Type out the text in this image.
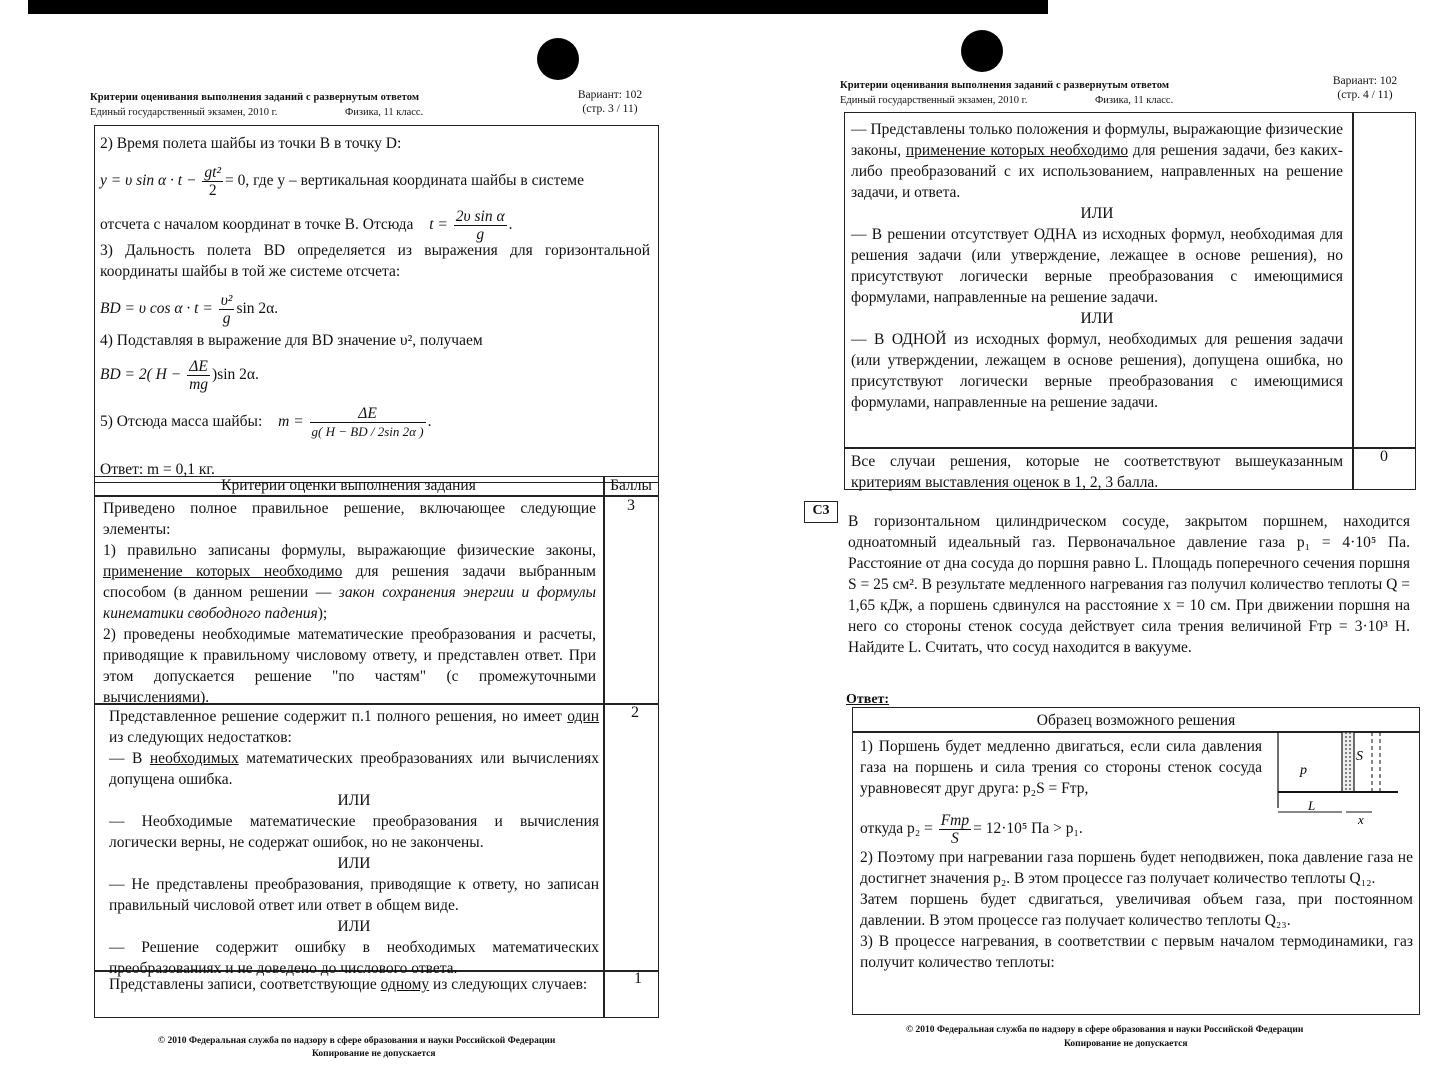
Критерии оценивания выполнения заданий с развернутым ответом
Единый государственный экзамен, 2010 г.	Физика, 11 класс.
Вариант: 102
(стр. 3 / 11)
2) Время полета шайбы из точки B в точку D:
y = υ $\sin \alpha \cdot t - \frac{\text{gt²}}{2} = 0$, где y – вертикальная координата шайбы в системе
отсчета с началом координат в точке B. Отсюда $t = \frac{\text{2υ sin α}}{g}$ .
3) Дальность полета BD определяется из выражения для горизонтальной координаты шайбы в той же системе отсчета:
BD = υ $\cos \alpha \cdot t = \frac{\text{υ²}}{g}$ sin 2α.
4) Подставляя в выражение для BD значение υ², получаем
BD = 2( $H - \frac{\Delta E}{mg} )\sin$ 2α.
5) Отсюда масса шайбы: $m = \frac{\Delta E}{g( H - BD / 2\sin 2\alpha )}$ .
Ответ: m = 0,1 кг.
Критерии оценки выполнения задания	Баллы
Приведено полное правильное решение, включающее следующие элементы:
1) правильно записаны формулы, выражающие физические законы, применение которых необходимо для решения задачи выбранным способом (в данном решении — закон сохранения энергии и формулы кинематики свободного падения);
2) проведены необходимые математические преобразования и расчеты, приводящие к правильному числовому ответу, и представлен ответ. При этом допускается решение "по частям" (с промежуточными вычислениями).
3
Представленное решение содержит п.1 полного решения, но имеет один из следующих недостатков:
— В необходимых математических преобразованиях или вычислениях допущена ошибка.
ИЛИ
— Необходимые математические преобразования и вычисления логически верны, не содержат ошибок, но не закончены.
ИЛИ
— Не представлены преобразования, приводящие к ответу, но записан правильный числовой ответ или ответ в общем виде.
ИЛИ
— Решение содержит ошибку в необходимых математических преобразованиях и не доведено до числового ответа.
2
Представлены записи, соответствующие одному из следующих случаев:	1
© 2010 Федеральная служба по надзору в сфере образования и науки Российской Федерации
Копирование не допускается
Критерии оценивания выполнения заданий с развернутым ответом
Единый государственный экзамен, 2010 г.	Физика, 11 класс.
Вариант: 102
(стр. 4 / 11)
— Представлены только положения и формулы, выражающие физические законы, применение которых необходимо для решения задачи, без каких-либо преобразований с их использованием, направленных на решение задачи, и ответа.
ИЛИ
— В решении отсутствует ОДНА из исходных формул, необходимая для решения задачи (или утверждение, лежащее в основе решения), но присутствуют логически верные преобразования с имеющимися формулами, направленные на решение задачи.
ИЛИ
— В ОДНОЙ из исходных формул, необходимых для решения задачи (или утверждении, лежащем в основе решения), допущена ошибка, но присутствуют логически верные преобразования с имеющимися формулами, направленные на решение задачи.
Все случаи решения, которые не соответствуют вышеуказанным критериям выставления оценок в 1, 2, 3 балла.
0
С3
В горизонтальном цилиндрическом сосуде, закрытом поршнем, находится одноатомный идеальный газ. Первоначальное давление газа p₁ = 4·10⁵ Па. Расстояние от дна сосуда до поршня равно L. Площадь поперечного сечения поршня S = 25 см². В результате медленного нагревания газ получил количество теплоты Q = 1,65 кДж, а поршень сдвинулся на расстояние x = 10 см. При движении поршня на него со стороны стенок сосуда действует сила трения величиной Fтр = 3·10³ Н. Найдите L. Считать, что сосуд находится в вакууме.
Ответ:
Образец возможного решения
1) Поршень будет медленно двигаться, если сила давления газа на поршень и сила трения со стороны стенок сосуда уравновесят друг друга: p₂S = Fтр,
p
S
L
x
откуда $p_2 = \frac{\text{Fтр}}{S} = 12\cdot 10^5$ Па > p₁.
2) Поэтому при нагревании газа поршень будет неподвижен, пока давление газа не достигнет значения p₂. В этом процессе газ получает количество теплоты Q₁₂.
Затем поршень будет сдвигаться, увеличивая объем газа, при постоянном давлении. В этом процессе газ получает количество теплоты Q₂₃.
3) В процессе нагревания, в соответствии с первым началом термодинамики, газ получит количество теплоты:
© 2010 Федеральная служба по надзору в сфере образования и науки Российской Федерации
Копирование не допускается
